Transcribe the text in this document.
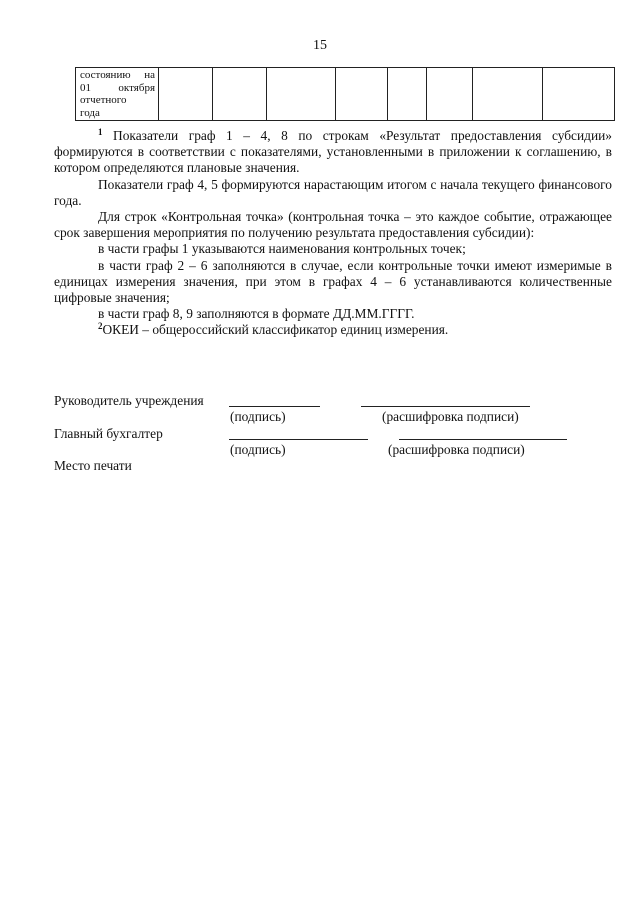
15
состоянию на
01 октября
отчетного
года

$^1$ Показатели граф 1 – 4, 8 по строкам «Результат предоставления субсидии» формируются в соответствии с показателями, установленными в приложении к соглашению, в котором определяются плановые значения.

Показатели граф 4, 5 формируются нарастающим итогом с начала текущего финансового года.

Для строк «Контрольная точка» (контрольная точка – это каждое событие, отражающее срок завершения мероприятия по получению результата предоставления субсидии):

в части графы 1 указываются наименования контрольных точек;

в части граф 2 – 6 заполняются в случае, если контрольные точки имеют измеримые в единицах измерения значения, при этом в графах 4 – 6 устанавливаются количественные цифровые значения;

в части граф 8, 9 заполняются в формате ДД.ММ.ГГГГ.

$^2$ОКЕИ – общероссийский классификатор единиц измерения.

Руководитель учреждения
(подпись)	(расшифровка подписи)
Главный бухгалтер
(подпись)	(расшифровка подписи)
Место печати
